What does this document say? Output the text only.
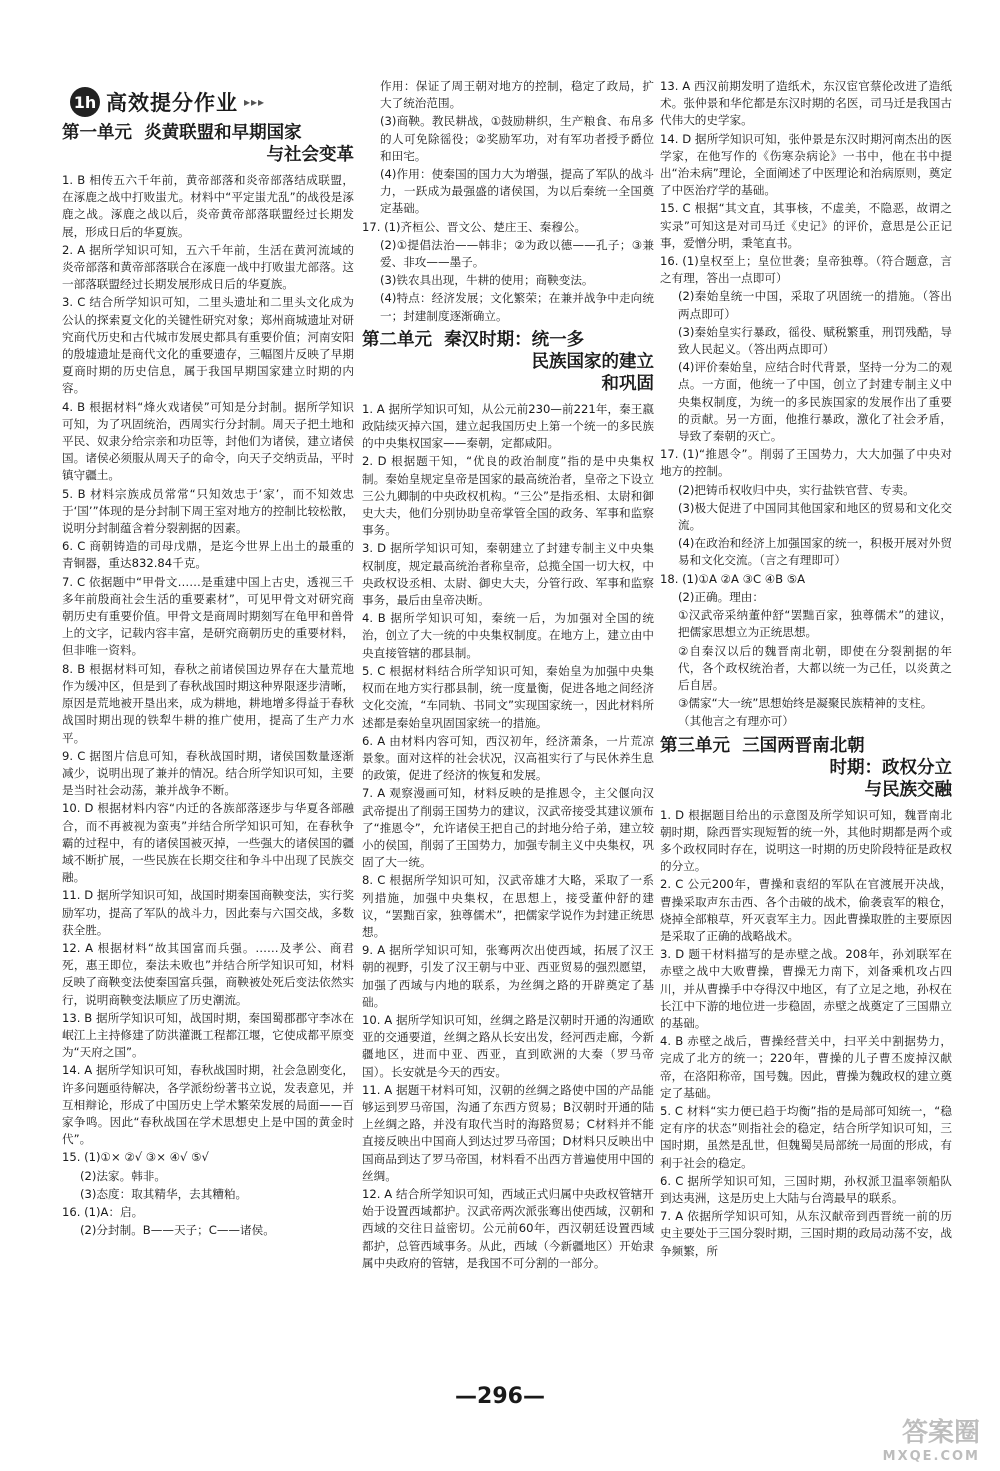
1h 高效提分作业 ▸▸▸
第一单元 炎黄联盟和早期国家
与社会变革
1. B 相传五六千年前，黄帝部落和炎帝部落结成联盟，在涿鹿之战中打败蚩尤。材料中“平定蚩尤乱”的战役是涿鹿之战。涿鹿之战以后，炎帝黄帝部落联盟经过长期发展，形成日后的华夏族。
2. A 据所学知识可知，五六千年前，生活在黄河流域的炎帝部落和黄帝部落联合在涿鹿一战中打败蚩尤部落。这一部落联盟经过长期发展形成日后的华夏族。
3. C 结合所学知识可知，二里头遗址和二里头文化成为公认的探索夏文化的关键性研究对象；郑州商城遗址对研究商代历史和古代城市发展史都具有重要价值；河南安阳的殷墟遗址是商代文化的重要遗存，三幅图片反映了早期夏商时期的历史信息，属于我国早期国家建立时期的内容。
4. B 根据材料“烽火戏诸侯”可知是分封制。据所学知识可知，为了巩固统治，西周实行分封制。周天子把土地和平民、奴隶分给宗亲和功臣等，封他们为诸侯，建立诸侯国。诸侯必须服从周天子的命令，向天子交纳贡品，平时镇守疆土。
5. B 材料宗族成员常常“只知效忠于‘家’，而不知效忠于‘国’”体现的是分封制下周王室对地方的控制比较松散，说明分封制蕴含着分裂割据的因素。
6. C 商朝铸造的司母戊鼎，是迄今世界上出土的最重的青铜器，重达832.84千克。
7. C 依据题中“甲骨文……是重建中国上古史，透视三千多年前殷商社会生活的重要素材”，可见甲骨文对研究商朝历史有重要价值。甲骨文是商周时期刻写在龟甲和兽骨上的文字，记载内容丰富，是研究商朝历史的重要材料，但非唯一资料。
8. B 根据材料可知，春秋之前诸侯国边界存在大量荒地作为缓冲区，但是到了春秋战国时期这种界限逐步清晰，原因是荒地被开垦出来，成为耕地，耕地增多得益于春秋战国时期出现的铁犁牛耕的推广使用，提高了生产力水平。
9. C 据图片信息可知，春秋战国时期，诸侯国数量逐渐减少，说明出现了兼并的情况。结合所学知识可知，主要是当时社会动荡，兼并战争不断。
10. D 根据材料内容“内迁的各族部落逐步与华夏各部融合，而不再被视为蛮夷”并结合所学知识可知，在春秋争霸的过程中，有的诸侯国被灭掉，一些强大的诸侯国的疆域不断扩展，一些民族在长期交往和争斗中出现了民族交融。
11. D 据所学知识可知，战国时期秦国商鞅变法，实行奖励军功，提高了军队的战斗力，因此秦与六国交战，多数获全胜。
12. A 根据材料“故其国富而兵强。……及孝公、商君死，惠王即位，秦法未败也”并结合所学知识可知，材料反映了商鞅变法使秦国富兵强，商鞅被处死后变法依然实行，说明商鞅变法顺应了历史潮流。
13. B 据所学知识可知，战国时期，秦国蜀郡郡守李冰在岷江上主持修建了防洪灌溉工程都江堰，它使成都平原变为“天府之国”。
14. A 据所学知识可知，春秋战国时期，社会急剧变化，许多问题亟待解决，各学派纷纷著书立说，发表意见，并互相辩论，形成了中国历史上学术繁荣发展的局面——百家争鸣。因此“春秋战国在学术思想史上是中国的黄金时代”。
15. (1)①× ②√ ③× ④√ ⑤√
(2)法家。韩非。
(3)态度：取其精华，去其糟粕。
16. (1)A：启。
(2)分封制。B——天子；C——诸侯。
作用：保证了周王朝对地方的控制，稳定了政局，扩大了统治范围。
(3)商鞅。教民耕战，①鼓励耕织，生产粮食、布帛多的人可免除徭役；②奖励军功，对有军功者授予爵位和田宅。
(4)作用：使秦国的国力大为增强，提高了军队的战斗力，一跃成为最强盛的诸侯国，为以后秦统一全国奠定基础。
17. (1)齐桓公、晋文公、楚庄王、秦穆公。
(2)①提倡法治——韩非；②为政以德——孔子；③兼爱、非攻——墨子。
(3)铁农具出现，牛耕的使用；商鞅变法。
(4)特点：经济发展；文化繁荣；在兼并战争中走向统一；封建制度逐渐确立。
第二单元 秦汉时期：统一多
民族国家的建立
和巩固
1. A 据所学知识可知，从公元前230—前221年，秦王嬴政陆续灭掉六国，建立起我国历史上第一个统一的多民族的中央集权国家——秦朝，定都咸阳。
2. D 根据题干知，“优良的政治制度”指的是中央集权制。秦始皇规定皇帝是国家的最高统治者，皇帝之下设立三公九卿制的中央政权机构。“三公”是指丞相、太尉和御史大夫，他们分别协助皇帝掌管全国的政务、军事和监察事务。
3. D 据所学知识可知，秦朝建立了封建专制主义中央集权制度，规定最高统治者称皇帝，总揽全国一切大权，中央政权设丞相、太尉、御史大夫，分管行政、军事和监察事务，最后由皇帝决断。
4. B 据所学知识可知，秦统一后，为加强对全国的统治，创立了大一统的中央集权制度。在地方上，建立由中央直接管辖的郡县制。
5. C 根据材料结合所学知识可知，秦始皇为加强中央集权而在地方实行郡县制，统一度量衡，促进各地之间经济文化交流，“车同轨、书同文”实现国家统一，因此材料所述都是秦始皇巩固国家统一的措施。
6. A 由材料内容可知，西汉初年，经济萧条，一片荒凉景象。面对这样的社会状况，汉高祖实行了与民休养生息的政策，促进了经济的恢复和发展。
7. A 观察漫画可知，材料反映的是推恩令，主父偃向汉武帝提出了削弱王国势力的建议，汉武帝接受其建议颁布了“推恩令”，允许诸侯王把自己的封地分给子弟，建立较小的侯国，削弱了王国势力，加强专制主义中央集权，巩固了大一统。
8. C 根据所学知识可知，汉武帝雄才大略，采取了一系列措施，加强中央集权，在思想上，接受董仲舒的建议，“罢黜百家，独尊儒术”，把儒家学说作为封建正统思想。
9. A 据所学知识可知，张骞两次出使西域，拓展了汉王朝的视野，引发了汉王朝与中亚、西亚贸易的强烈愿望，加强了西域与内地的联系，为丝绸之路的开辟奠定了基础。
10. A 据所学知识可知，丝绸之路是汉朝时开通的沟通欧亚的交通要道，丝绸之路从长安出发，经河西走廊，今新疆地区，进而中亚、西亚，直到欧洲的大秦（罗马帝国）。长安就是今天的西安。
11. A 据题干材料可知，汉朝的丝绸之路使中国的产品能够运到罗马帝国，沟通了东西方贸易；B汉朝时开通的陆上丝绸之路，并没有取代当时的海路贸易；C材料并不能直接反映出中国商人到达过罗马帝国；D材料只反映出中国商品到达了罗马帝国，材料看不出西方普遍使用中国的丝绸。
12. A 结合所学知识可知，西域正式归属中央政权管辖开始于设置西域都护。汉武帝两次派张骞出使西域，汉朝和西域的交往日益密切。公元前60年，西汉朝廷设置西域都护，总管西域事务。从此，西域（今新疆地区）开始隶属中央政府的管辖，是我国不可分割的一部分。
13. A 西汉前期发明了造纸术，东汉宦官蔡伦改进了造纸术。张仲景和华佗都是东汉时期的名医，司马迁是我国古代伟大的史学家。
14. D 据所学知识可知，张仲景是东汉时期河南杰出的医学家，在他写作的《伤寒杂病论》一书中，他在书中提出“治未病”理论，全面阐述了中医理论和治病原则，奠定了中医治疗学的基础。
15. C 根据“其文直，其事核，不虚美，不隐恶，故谓之实录”可知这是对司马迁《史记》的评价，意思是公正记事，爱憎分明，秉笔直书。
16. (1)皇权至上；皇位世袭；皇帝独尊。（符合题意，言之有理，答出一点即可）
(2)秦始皇统一中国，采取了巩固统一的措施。（答出两点即可）
(3)秦始皇实行暴政，徭役、赋税繁重，刑罚残酷，导致人民起义。（答出两点即可）
(4)评价秦始皇，应结合时代背景，坚持一分为二的观点。一方面，他统一了中国，创立了封建专制主义中央集权制度，为统一的多民族国家的发展作出了重要的贡献。另一方面，他推行暴政，激化了社会矛盾，导致了秦朝的灭亡。
17. (1)“推恩令”。削弱了王国势力，大大加强了中央对地方的控制。
(2)把铸币权收归中央，实行盐铁官营、专卖。
(3)极大促进了中国同其他国家和地区的贸易和文化交流。
(4)在政治和经济上加强国家的统一，积极开展对外贸易和文化交流。（言之有理即可）
18. (1)①A ②A ③C ④B ⑤A
(2)正确。理由：
①汉武帝采纳董仲舒“罢黜百家，独尊儒术”的建议，把儒家思想立为正统思想。
②自秦汉以后的魏晋南北朝，即使在分裂割据的年代，各个政权统治者，大都以统一为己任，以炎黄之后自居。
③儒家“大一统”思想始终是凝聚民族精神的支柱。
（其他言之有理亦可）
第三单元 三国两晋南北朝
时期：政权分立
与民族交融
1. D 根据题目给出的示意图及所学知识可知，魏晋南北朝时期，除西晋实现短暂的统一外，其他时期都是两个或多个政权同时存在，说明这一时期的历史阶段特征是政权的分立。
2. C 公元200年，曹操和袁绍的军队在官渡展开决战，曹操采取声东击西、各个击破的战术，偷袭袁军的粮仓，烧掉全部粮草，歼灭袁军主力。因此曹操取胜的主要原因是采取了正确的战略战术。
3. D 题干材料描写的是赤壁之战。208年，孙刘联军在赤壁之战中大败曹操，曹操无力南下，刘备乘机攻占四川，并从曹操手中夺得汉中地区，有了立足之地，孙权在长江中下游的地位进一步稳固，赤壁之战奠定了三国鼎立的基础。
4. B 赤壁之战后，曹操经营关中，扫平关中割据势力，完成了北方的统一；220年，曹操的儿子曹丕废掉汉献帝，在洛阳称帝，国号魏。因此，曹操为魏政权的建立奠定了基础。
5. C 材料“实力便已趋于均衡”指的是局部可知统一，“稳定有序的状态”则指社会的稳定，结合所学知识可知，三国时期，虽然是乱世，但魏蜀吴局部统一局面的形成，有利于社会的稳定。
6. C 据所学知识可知，三国时期，孙权派卫温率领船队到达夷洲，这是历史上大陆与台湾最早的联系。
7. A 依据所学知识可知，从东汉献帝到西晋统一前的历史主要处于三国分裂时期，三国时期的政局动荡不安，战争频繁，所
—296—
答案圈
MXQE.COM
